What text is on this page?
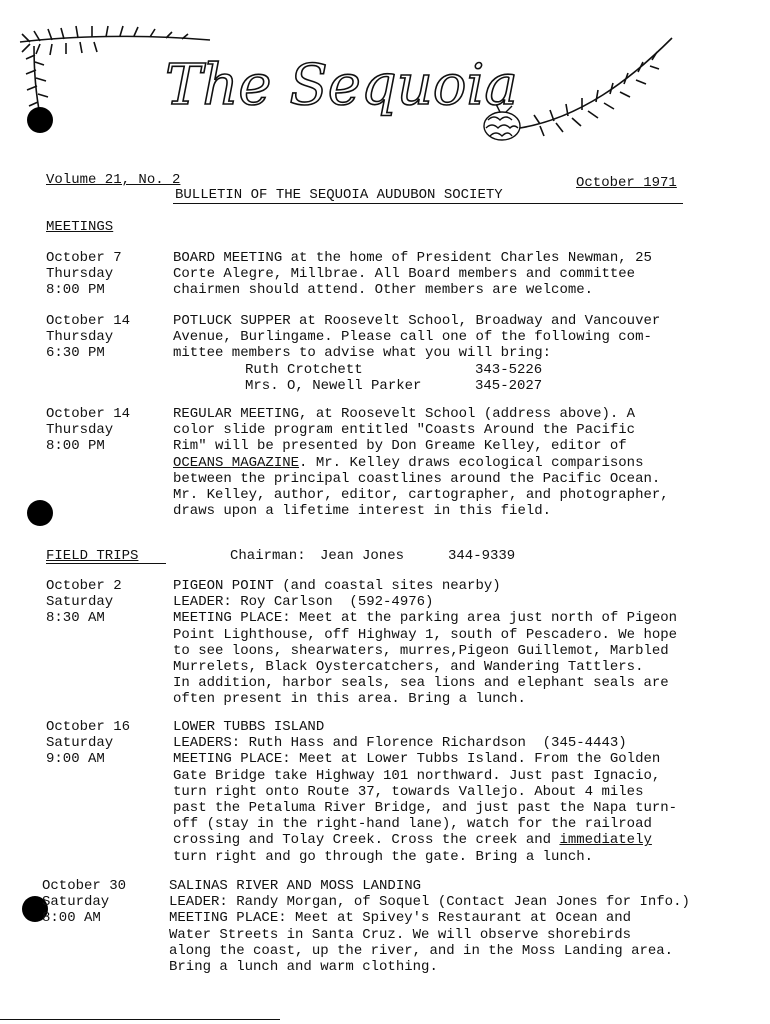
The Sequoia
Volume 21, No. 2	October 1971
BULLETIN OF THE SEQUOIA AUDUBON SOCIETY
MEETINGS
October 7
Thursday
8:00 PM
BOARD MEETING at the home of President Charles Newman, 25
Corte Alegre, Millbrae. All Board members and committee
chairmen should attend. Other members are welcome.
October 14
Thursday
6:30 PM
POTLUCK SUPPER at Roosevelt School, Broadway and Vancouver
Avenue, Burlingame. Please call one of the following com-
mittee members to advise what you will bring:
Ruth Crotchett	343-5226
Mrs. O, Newell Parker	345-2027
October 14
Thursday
8:00 PM
REGULAR MEETING, at Roosevelt School (address above). A
color slide program entitled "Coasts Around the Pacific
Rim" will be presented by Don Greame Kelley, editor of
OCEANS MAGAZINE. Mr. Kelley draws ecological comparisons
between the principal coastlines around the Pacific Ocean.
Mr. Kelley, author, editor, cartographer, and photographer,
draws upon a lifetime interest in this field.
FIELD TRIPS	Chairman: Jean Jones	344-9339
October 2
Saturday
8:30 AM
PIGEON POINT (and coastal sites nearby)
LEADER: Roy Carlson  (592-4976)
MEETING PLACE: Meet at the parking area just north of Pigeon
Point Lighthouse, off Highway 1, south of Pescadero. We hope
to see loons, shearwaters, murres,Pigeon Guillemot, Marbled
Murrelets, Black Oystercatchers, and Wandering Tattlers.
In addition, harbor seals, sea lions and elephant seals are
often present in this area. Bring a lunch.
October 16
Saturday
9:00 AM
LOWER TUBBS ISLAND
LEADERS: Ruth Hass and Florence Richardson  (345-4443)
MEETING PLACE: Meet at Lower Tubbs Island. From the Golden
Gate Bridge take Highway 101 northward. Just past Ignacio,
turn right onto Route 37, towards Vallejo. About 4 miles
past the Petaluma River Bridge, and just past the Napa turn-
off (stay in the right-hand lane), watch for the railroad
crossing and Tolay Creek. Cross the creek and immediately
turn right and go through the gate. Bring a lunch.
October 30
Saturday
8:00 AM
SALINAS RIVER AND MOSS LANDING
LEADER: Randy Morgan, of Soquel (Contact Jean Jones for Info.)
MEETING PLACE: Meet at Spivey's Restaurant at Ocean and
Water Streets in Santa Cruz. We will observe shorebirds
along the coast, up the river, and in the Moss Landing area.
Bring a lunch and warm clothing.
